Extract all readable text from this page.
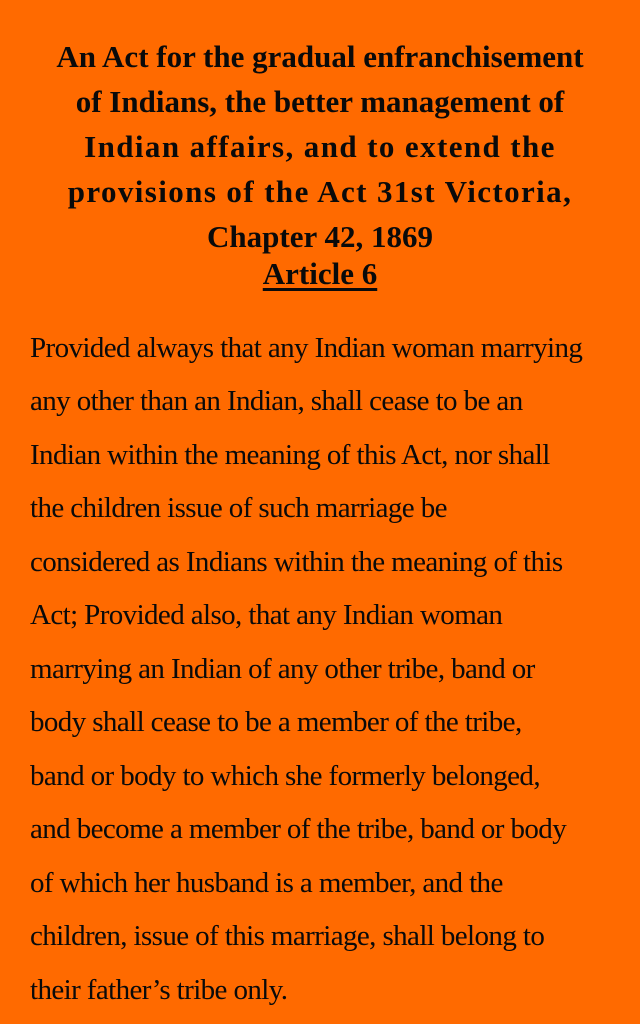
An Act for the gradual enfranchisement
of Indians, the better management of
Indian affairs, and to extend the
provisions of the Act 31st Victoria,
Chapter 42, 1869
Article 6
Provided always that any Indian woman marrying
any other than an Indian, shall cease to be an
Indian within the meaning of this Act, nor shall
the children issue of such marriage be
considered as Indians within the meaning of this
Act; Provided also, that any Indian woman
marrying an Indian of any other tribe, band or
body shall cease to be a member of the tribe,
band or body to which she formerly belonged,
and become a member of the tribe, band or body
of which her husband is a member, and the
children, issue of this marriage, shall belong to
their father’s tribe only.
